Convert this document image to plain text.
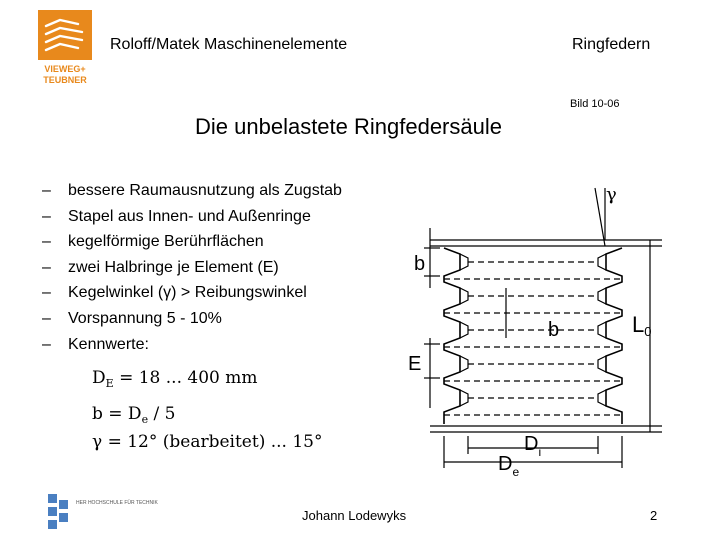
VIEWEG+
TEUBNER
Roloff/Matek Maschinenelemente	Ringfedern
Bild 10-06
Die unbelastete Ringfedersäule
– bessere Raumausnutzung als Zugstab
– Stapel aus Innen- und Außenringe
– kegelförmige Berührflächen
– zwei Halbringe je Element (E)
– Kegelwinkel (γ) > Reibungswinkel
– Vorspannung 5 - 10%
– Kennwerte:
$D_E = 18$ ... 400 mm
$b = D_e / 5$
γ = 12° (bearbeitet) ... 15°
γ
b
E
b	L0
$D_i$
$D_e$
HER HOCHSCHULE FÜR TECHNIK
Johann Lodewyks	2
